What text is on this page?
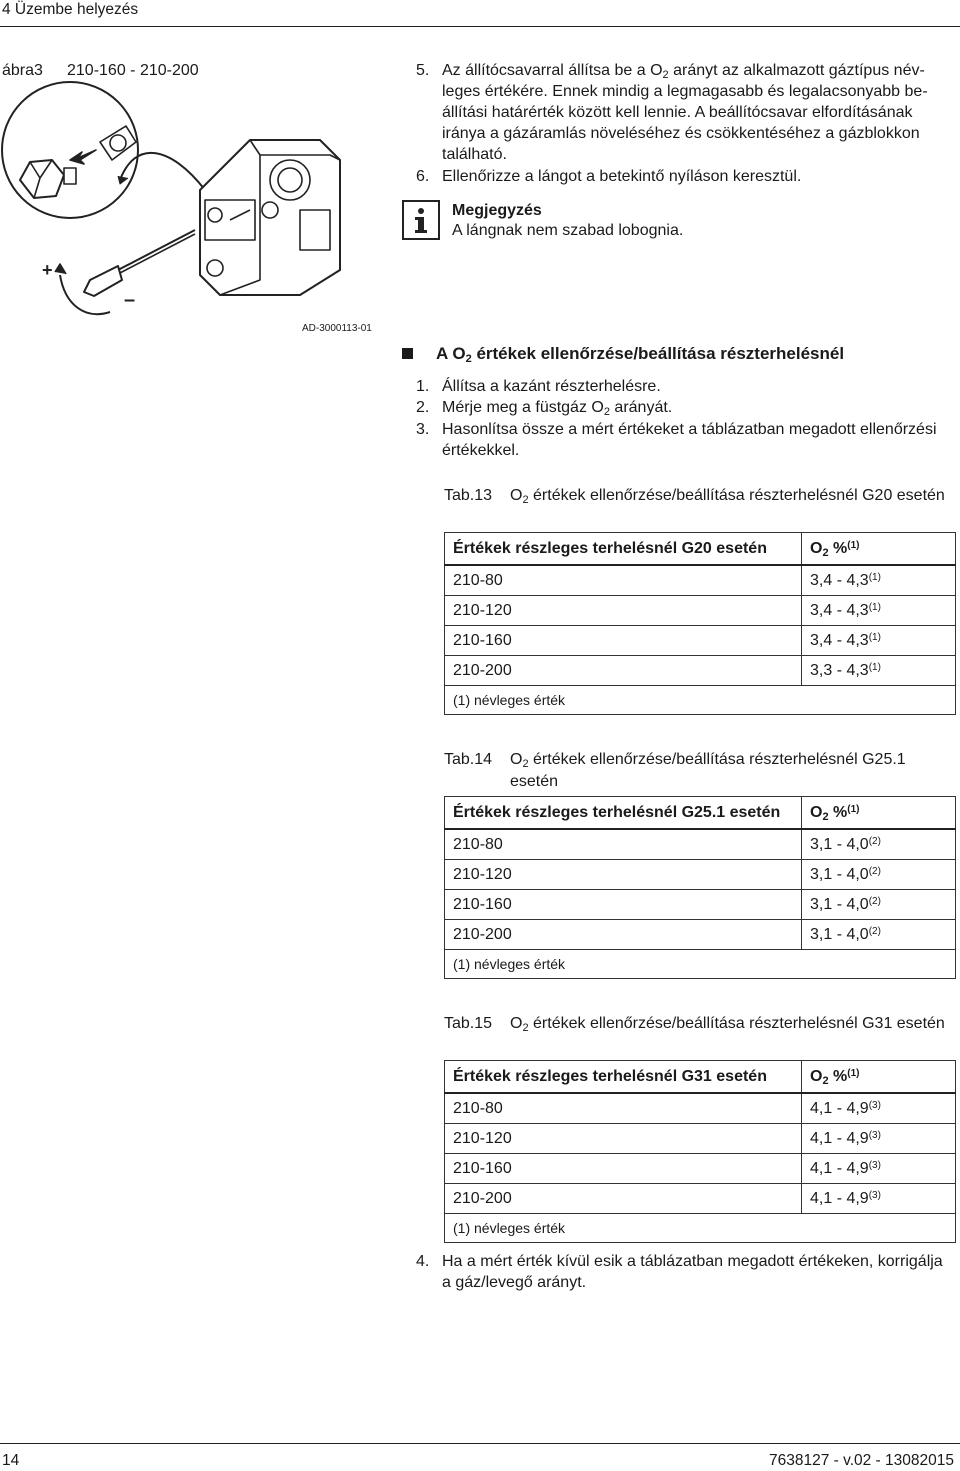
4 Üzembe helyezés
ábra3 210-160 - 210-200
+
–
AD-3000113-01
5. Az állítócsavarral állítsa be a $O_2$ arányt az alkalmazott gáztípus névleges értékére. Ennek mindig a legmagasabb és legalacsonyabb beállítási határérték között kell lennie. A beállítócsavar elfordításának iránya a gázáramlás növeléséhez és csökkentéséhez a gázblokkon található.
6. Ellenőrizze a lángot a betekintő nyíláson keresztül.
Megjegyzés
A lángnak nem szabad lobognia.
A $O_2$ értékek ellenőrzése/beállítása részterhelésnél
1. Állítsa a kazánt részterhelésre.
2. Mérje meg a füstgáz $O_2$ arányát.
3. Hasonlítsa össze a mért értékeket a táblázatban megadott ellenőrzési értékekkel.
Tab.13 $O_2$ értékek ellenőrzése/beállítása részterhelésnél G20 esetén
Értékek részleges terhelésnél G20 esetén	$O_2$ %$^{(1)}$
210-80	3,4 - 4,3$^{(1)}$
210-120	3,4 - 4,3$^{(1)}$
210-160	3,4 - 4,3$^{(1)}$
210-200	3,3 - 4,3$^{(1)}$
(1) névleges érték	
Tab.14 $O_2$ értékek ellenőrzése/beállítása részterhelésnél G25.1 esetén
Értékek részleges terhelésnél G25.1 esetén	$O_2$ %$^{(1)}$
210-80	3,1 - 4,0$^{(2)}$
210-120	3,1 - 4,0$^{(2)}$
210-160	3,1 - 4,0$^{(2)}$
210-200	3,1 - 4,0$^{(2)}$
(1) névleges érték	
Tab.15 $O_2$ értékek ellenőrzése/beállítása részterhelésnél G31 esetén
Értékek részleges terhelésnél G31 esetén	$O_2$ %$^{(1)}$
210-80	4,1 - 4,9$^{(3)}$
210-120	4,1 - 4,9$^{(3)}$
210-160	4,1 - 4,9$^{(3)}$
210-200	4,1 - 4,9$^{(3)}$
(1) névleges érték	
4. Ha a mért érték kívül esik a táblázatban megadott értékeken, korrigálja a gáz/levegő arányt.
14	7638127 - v.02 - 13082015
